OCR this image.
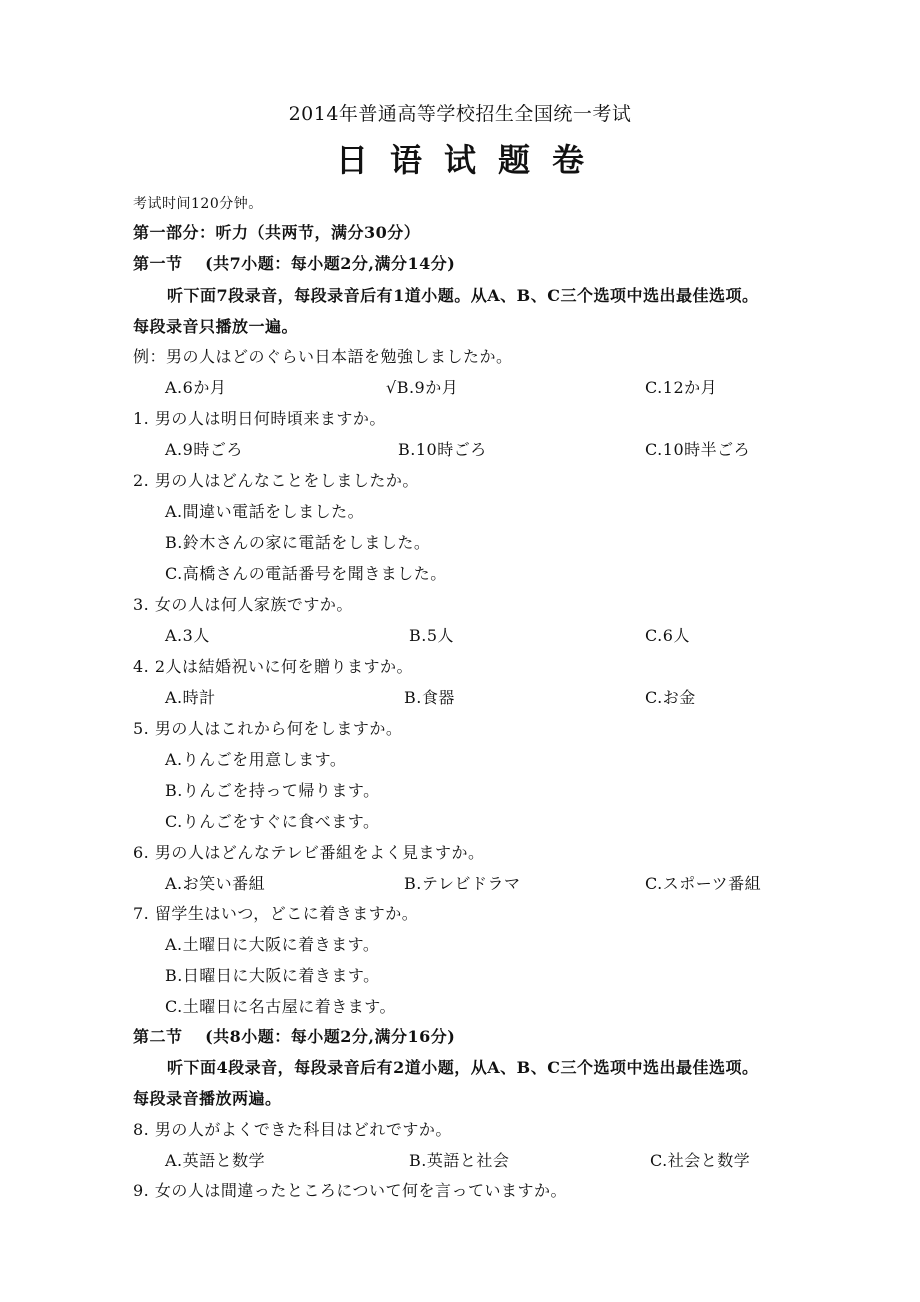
2014年普通高等学校招生全国统一考试
日语试题卷
考试时间120分钟。
第一部分：听力（共两节，满分30分）
第一节　 (共7小题：每小题2分,满分14分)
听下面7段录音，每段录音后有1道小题。从A、B、C三个选项中选出最佳选项。
每段录音只播放一遍。
例：男の人はどのぐらい日本語を勉強しましたか。
A.6か月	√B.9か月	C.12か月
1. 男の人は明日何時頃来ますか。
A.9時ごろ	B.10時ごろ	C.10時半ごろ
2. 男の人はどんなことをしましたか。
A.間違い電話をしました。
B.鈴木さんの家に電話をしました。
C.高橋さんの電話番号を聞きました。
3. 女の人は何人家族ですか。
A.3人	B.5人	C.6人
4. 2人は結婚祝いに何を贈りますか。
A.時計	B.食器	C.お金
5. 男の人はこれから何をしますか。
A.りんごを用意します。
B.りんごを持って帰ります。
C.りんごをすぐに食べます。
6. 男の人はどんなテレビ番組をよく見ますか。
A.お笑い番組	B.テレビドラマ	C.スポーツ番組
7. 留学生はいつ，どこに着きますか。
A.土曜日に大阪に着きます。
B.日曜日に大阪に着きます。
C.土曜日に名古屋に着きます。
第二节　 (共8小题：每小题2分,满分16分)
听下面4段录音，每段录音后有2道小题，从A、B、C三个选项中选出最佳选项。
每段录音播放两遍。
8. 男の人がよくできた科目はどれですか。
A.英語と数学	B.英語と社会	C.社会と数学
9. 女の人は間違ったところについて何を言っていますか。
